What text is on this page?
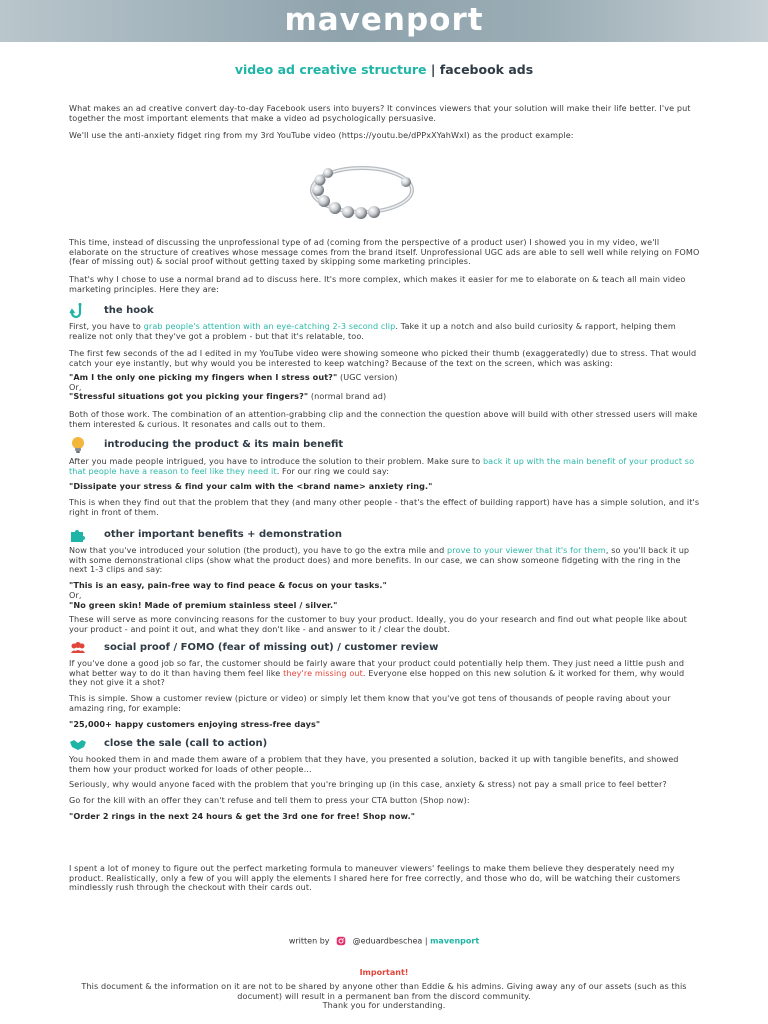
mavenport
video ad creative structure | facebook ads

What makes an ad creative convert day-to-day Facebook users into buyers? It convinces viewers that your solution will make their life better. I've put together the most important elements that make a video ad psychologically persuasive.

We'll use the anti-anxiety fidget ring from my 3rd YouTube video (https://youtu.be/dPPxXYahWxI) as the product example:

This time, instead of discussing the unprofessional type of ad (coming from the perspective of a product user) I showed you in my video, we'll elaborate on the structure of creatives whose message comes from the brand itself. Unprofessional UGC ads are able to sell well while relying on FOMO (fear of missing out) & social proof without getting taxed by skipping some marketing principles.

That's why I chose to use a normal brand ad to discuss here. It's more complex, which makes it easier for me to elaborate on & teach all main video marketing principles. Here they are:

the hook

First, you have to grab people's attention with an eye-catching 2-3 second clip. Take it up a notch and also build curiosity & rapport, helping them realize not only that they've got a problem - but that it's relatable, too.

The first few seconds of the ad I edited in my YouTube video were showing someone who picked their thumb (exaggeratedly) due to stress. That would catch your eye instantly, but why would you be interested to keep watching? Because of the text on the screen, which was asking:

"Am I the only one picking my fingers when I stress out?" (UGC version)

Or,

"Stressful situations got you picking your fingers?" (normal brand ad)

Both of those work. The combination of an attention-grabbing clip and the connection the question above will build with other stressed users will make them interested & curious. It resonates and calls out to them.

introducing the product & its main benefit

After you made people intrigued, you have to introduce the solution to their problem. Make sure to back it up with the main benefit of your product so that people have a reason to feel like they need it. For our ring we could say:

"Dissipate your stress & find your calm with the <brand name> anxiety ring."

This is when they find out that the problem that they (and many other people - that's the effect of building rapport) have has a simple solution, and it's right in front of them.

other important benefits + demonstration

Now that you've introduced your solution (the product), you have to go the extra mile and prove to your viewer that it's for them, so you'll back it up with some demonstrational clips (show what the product does) and more benefits. In our case, we can show someone fidgeting with the ring in the next 1-3 clips and say:

"This is an easy, pain-free way to find peace & focus on your tasks."

Or,

"No green skin! Made of premium stainless steel / silver."

These will serve as more convincing reasons for the customer to buy your product. Ideally, you do your research and find out what people like about your product - and point it out, and what they don't like - and answer to it / clear the doubt.

social proof / FOMO (fear of missing out) / customer review

If you've done a good job so far, the customer should be fairly aware that your product could potentially help them. They just need a little push and what better way to do it than having them feel like they're missing out. Everyone else hopped on this new solution & it worked for them, why would they not give it a shot?

This is simple. Show a customer review (picture or video) or simply let them know that you've got tens of thousands of people raving about your amazing ring, for example:

"25,000+ happy customers enjoying stress-free days"

close the sale (call to action)

You hooked them in and made them aware of a problem that they have, you presented a solution, backed it up with tangible benefits, and showed them how your product worked for loads of other people...

Seriously, why would anyone faced with the problem that you're bringing up (in this case, anxiety & stress) not pay a small price to feel better?

Go for the kill with an offer they can't refuse and tell them to press your CTA button (Shop now):

"Order 2 rings in the next 24 hours & get the 3rd one for free! Shop now."

I spent a lot of money to figure out the perfect marketing formula to maneuver viewers' feelings to make them believe they desperately need my product. Realistically, only a few of you will apply the elements I shared here for free correctly, and those who do, will be watching their customers mindlessly rush through the checkout with their cards out.

written by	@eduardbeschea | mavenport
Important!

This document & the information on it are not to be shared by anyone other than Eddie & his admins. Giving away any of our assets (such as this document) will result in a permanent ban from the discord community.

Thank you for understanding.
